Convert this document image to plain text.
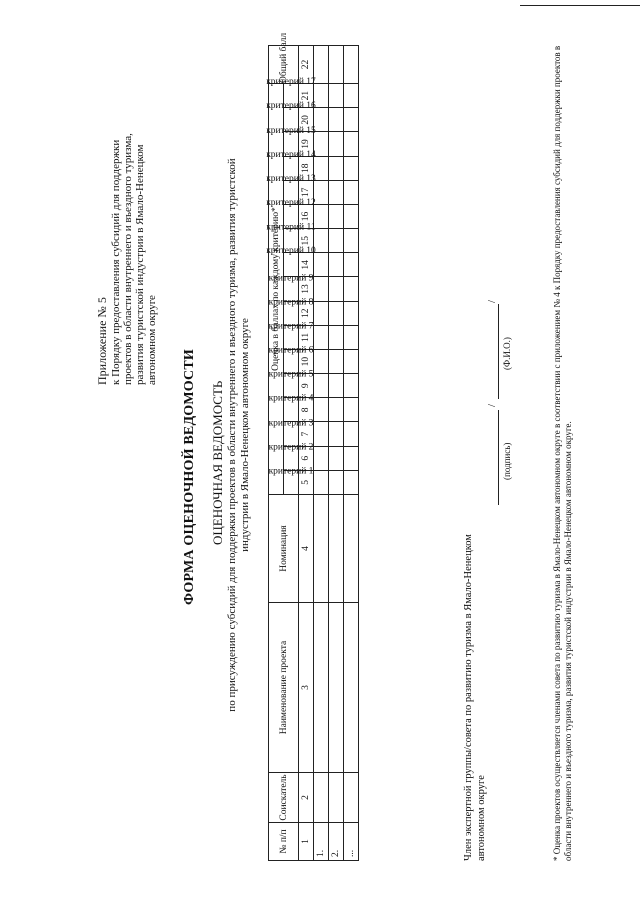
Приложение № 5 к Порядку предоставления субсидий для поддержки проектов в области внутреннего и въездного туризма, развития туристской индустрии в Ямало-Ненецком автономном округе
ФОРМА ОЦЕНОЧНОЙ ВЕДОМОСТИ ОЦЕНОЧНАЯ ВЕДОМОСТЬ по присуждению субсидий для поддержки проектов в области внутреннего и въездного туризма, развития туристской индустрии в Ямало-Ненецком автономном округе
№ п/п	Соискатель	Наименование проекта	Номинация	Оценка в баллах по каждому критерию*																	Общий балл
				критерий 1	критерий 2	критерий 3	критерий 4	критерий 5	критерий 6	критерий 7	критерий 8	критерий 9	критерий 10	критерий 11	критерий 12	критерий 13	критерий 14	критерий 15	критерий 16	критерий 17	
1	2	3	4	5	6	7	8	9	10	11	12	13	14	15	16	17	18	19	20	21	22
1.																					
2.																					
...																						Член экспертной группы/совета по развитию туризма в Ямало-Ненецком автономном округе
/
/
(подпись)
(Ф.И.О.)	* Оценка проектов осуществляется членами совета по развитию туризма в Ямало-Ненецком автономном округе в соответствии с приложением № 4 к Порядку предоставления субсидий для поддержки проектов в области внутреннего и въездного туризма, развития туристской индустрии в Ямало-Ненецком автономном округе.
